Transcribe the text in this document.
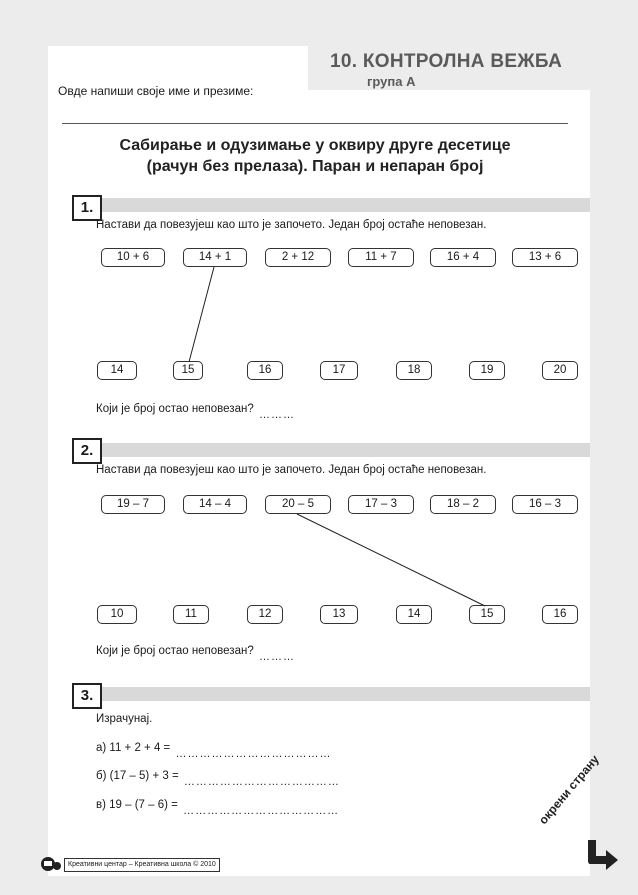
Овде напиши своје име и презиме:
10. КОНТРОЛНА ВЕЖБА
група А
Сабирање и одузимање у оквиру друге десетице
(рачун без прелаза). Паран и непаран број
1.
Настави да повезујеш као што је започето. Један број остаће неповезан.
10 + 6	14 + 1	2 + 12	11 + 7	16 + 4	13 + 6
14	15	16	17	18	19	20
Који је број остао неповезан? ………
2.
Настави да повезујеш као што је започето. Један број остаће неповезан.
19 – 7	14 – 4	20 – 5	17 – 3	18 – 2	16 – 3
10	11	12	13	14	15	16
Који је број остао неповезан? ………
3.
Израчунај.
а) 11 + 2 + 4 = …………………………………
б) (17 – 5) + 3 = …………………………………
в) 19 – (7 – 6) = …………………………………
Креативни центар – Креативна школа © 2010
окрени страну
